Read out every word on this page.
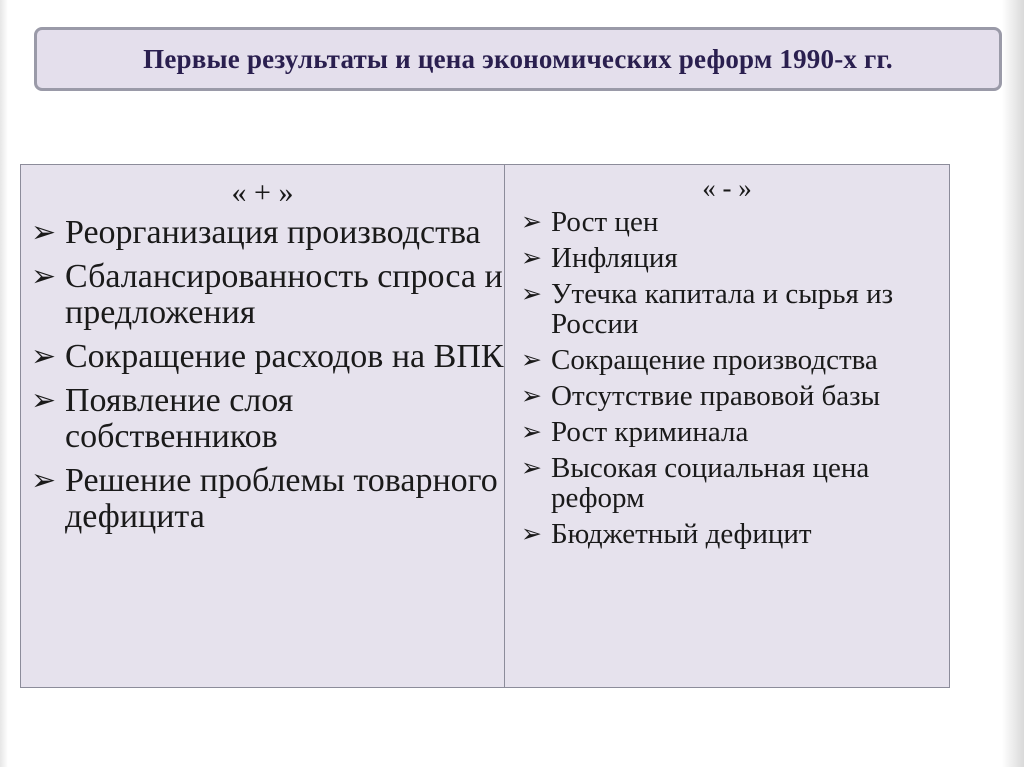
Первые результаты и цена экономических реформ 1990-х гг.
« + »
➢ Реорганизация производства
➢ Сбалансированность спроса и предложения
➢ Сокращение расходов на ВПК
➢ Появление слоя собственников
➢ Решение проблемы товарного дефицита
« - »
➢ Рост цен
➢ Инфляция
➢ Утечка капитала и сырья из России
➢ Сокращение производства
➢ Отсутствие правовой базы
➢ Рост криминала
➢ Высокая социальная цена реформ
➢ Бюджетный дефицит
